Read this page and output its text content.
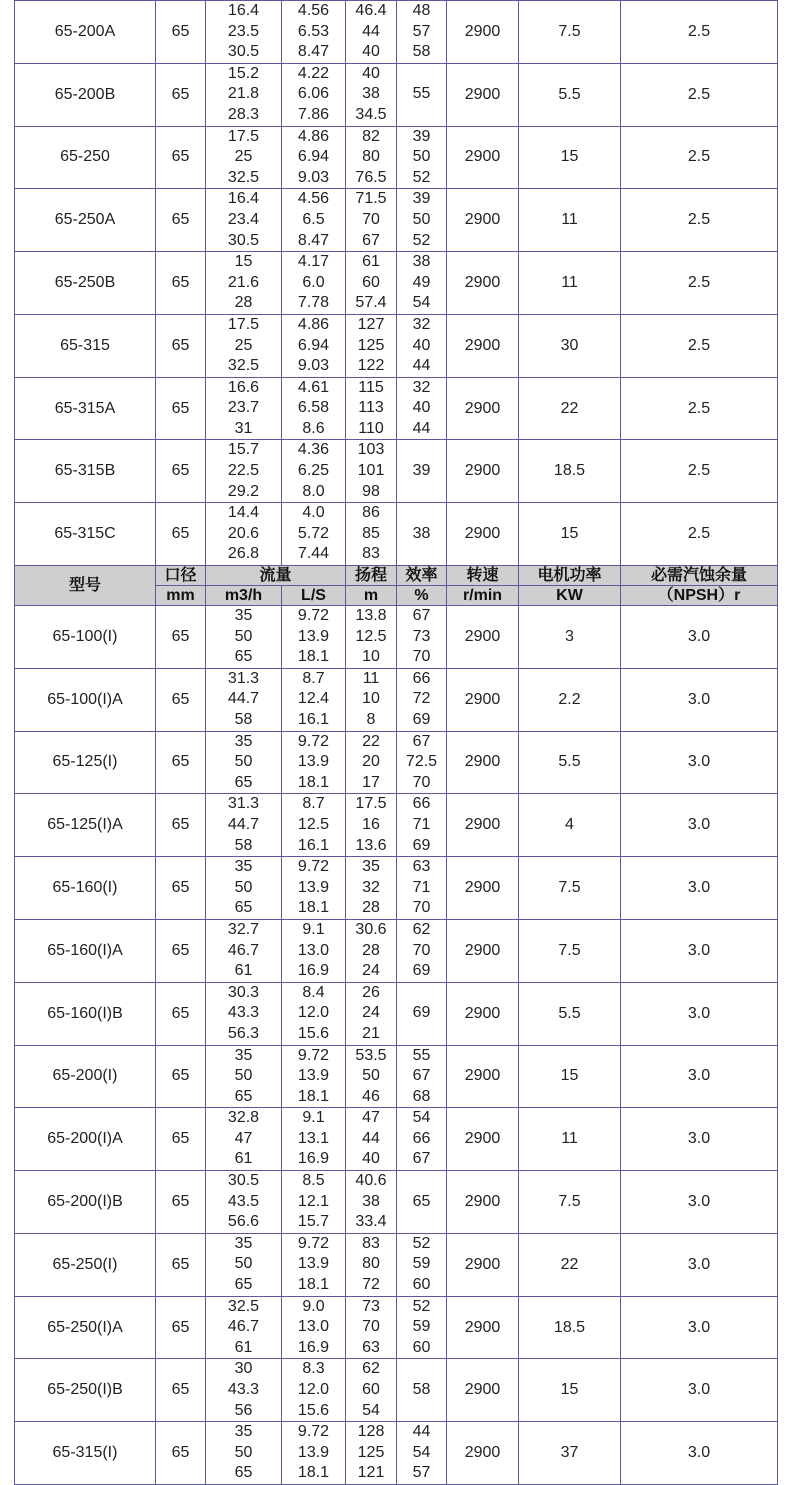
65-200A	65	16.4
23.5
30.5	4.56
6.53
8.47	46.4
44
40	48
57
58	2900	7.5	2.5
65-200B	65	15.2
21.8
28.3	4.22
6.06
7.86	40
38
34.5	55	2900	5.5	2.5
65-250	65	17.5
25
32.5	4.86
6.94
9.03	82
80
76.5	39
50
52	2900	15	2.5
65-250A	65	16.4
23.4
30.5	4.56
6.5
8.47	71.5
70
67	39
50
52	2900	11	2.5
65-250B	65	15
21.6
28	4.17
6.0
7.78	61
60
57.4	38
49
54	2900	11	2.5
65-315	65	17.5
25
32.5	4.86
6.94
9.03	127
125
122	32
40
44	2900	30	2.5
65-315A	65	16.6
23.7
31	4.61
6.58
8.6	115
113
110	32
40
44	2900	22	2.5
65-315B	65	15.7
22.5
29.2	4.36
6.25
8.0	103
101
98	39	2900	18.5	2.5
65-315C	65	14.4
20.6
26.8	4.0
5.72
7.44	86
85
83	38	2900	15	2.5
型号	口径	流量		扬程	效率	转速	电机功率	必需汽蚀余量
	mm	m3/h	L/S	m	%	r/min	KW	（NPSH）r
65-100(I)	65	35
50
65	9.72
13.9
18.1	13.8
12.5
10	67
73
70	2900	3	3.0
65-100(I)A	65	31.3
44.7
58	8.7
12.4
16.1	11
10
8	66
72
69	2900	2.2	3.0
65-125(I)	65	35
50
65	9.72
13.9
18.1	22
20
17	67
72.5
70	2900	5.5	3.0
65-125(I)A	65	31.3
44.7
58	8.7
12.5
16.1	17.5
16
13.6	66
71
69	2900	4	3.0
65-160(I)	65	35
50
65	9.72
13.9
18.1	35
32
28	63
71
70	2900	7.5	3.0
65-160(I)A	65	32.7
46.7
61	9.1
13.0
16.9	30.6
28
24	62
70
69	2900	7.5	3.0
65-160(I)B	65	30.3
43.3
56.3	8.4
12.0
15.6	26
24
21	69	2900	5.5	3.0
65-200(I)	65	35
50
65	9.72
13.9
18.1	53.5
50
46	55
67
68	2900	15	3.0
65-200(I)A	65	32.8
47
61	9.1
13.1
16.9	47
44
40	54
66
67	2900	11	3.0
65-200(I)B	65	30.5
43.5
56.6	8.5
12.1
15.7	40.6
38
33.4	65	2900	7.5	3.0
65-250(I)	65	35
50
65	9.72
13.9
18.1	83
80
72	52
59
60	2900	22	3.0
65-250(I)A	65	32.5
46.7
61	9.0
13.0
16.9	73
70
63	52
59
60	2900	18.5	3.0
65-250(I)B	65	30
43.3
56	8.3
12.0
15.6	62
60
54	58	2900	15	3.0
65-315(I)	65	35
50
65	9.72
13.9
18.1	128
125
121	44
54
57	2900	37	3.0
